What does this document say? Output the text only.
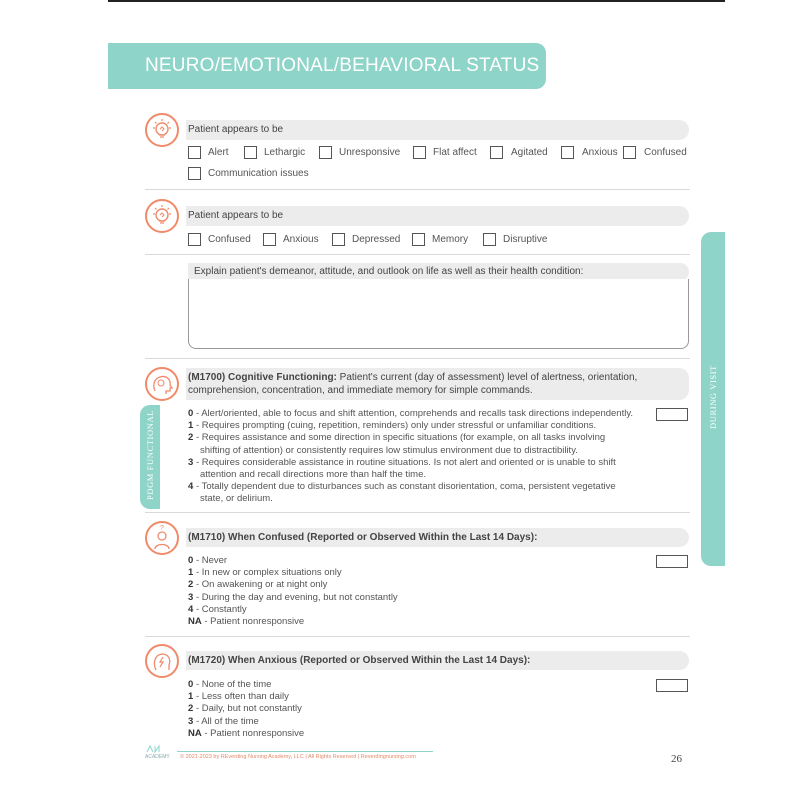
NEURO/EMOTIONAL/BEHAVIORAL STATUS
DURING VISIT
Patient appears to be
Alert	Lethargic	Unresponsive	Flat affect	Agitated	Anxious	Confused
Communication issues
Patient appears to be
Confused	Anxious	Depressed	Memory	Disruptive
Explain patient's demeanor, attitude, and outlook on life as well as their health condition:
PDGM FUNCTIONAL
(M1700) Cognitive Functioning: Patient's current (day of assessment) level of alertness, orientation, comprehension, concentration, and immediate memory for simple commands.
0 - Alert/oriented, able to focus and shift attention, comprehends and recalls task directions independently.
1 - Requires prompting (cuing, repetition, reminders) only under stressful or unfamiliar conditions.
2 - Requires assistance and some direction in specific situations (for example, on all tasks involving
shifting of attention) or consistently requires low stimulus environment due to distractibility.
3 - Requires considerable assistance in routine situations. Is not alert and oriented or is unable to shift
attention and recall directions more than half the time.
4 - Totally dependent due to disturbances such as constant disorientation, coma, persistent vegetative
state, or delirium.
?
(M1710) When Confused (Reported or Observed Within the Last 14 Days):
0 - Never
1 - In new or complex situations only
2 - On awakening or at night only
3 - During the day and evening, but not constantly
4 - Constantly
NA - Patient nonresponsive
(M1720) When Anxious (Reported or Observed Within the Last 14 Days):
0 - None of the time
1 - Less often than daily
2 - Daily, but not constantly
3 - All of the time
NA - Patient nonresponsive
ACADEMY © 2021-2023 by REverding Nursing Academy, LLC | All Rights Reserved | Reverdingnursing.com	26
